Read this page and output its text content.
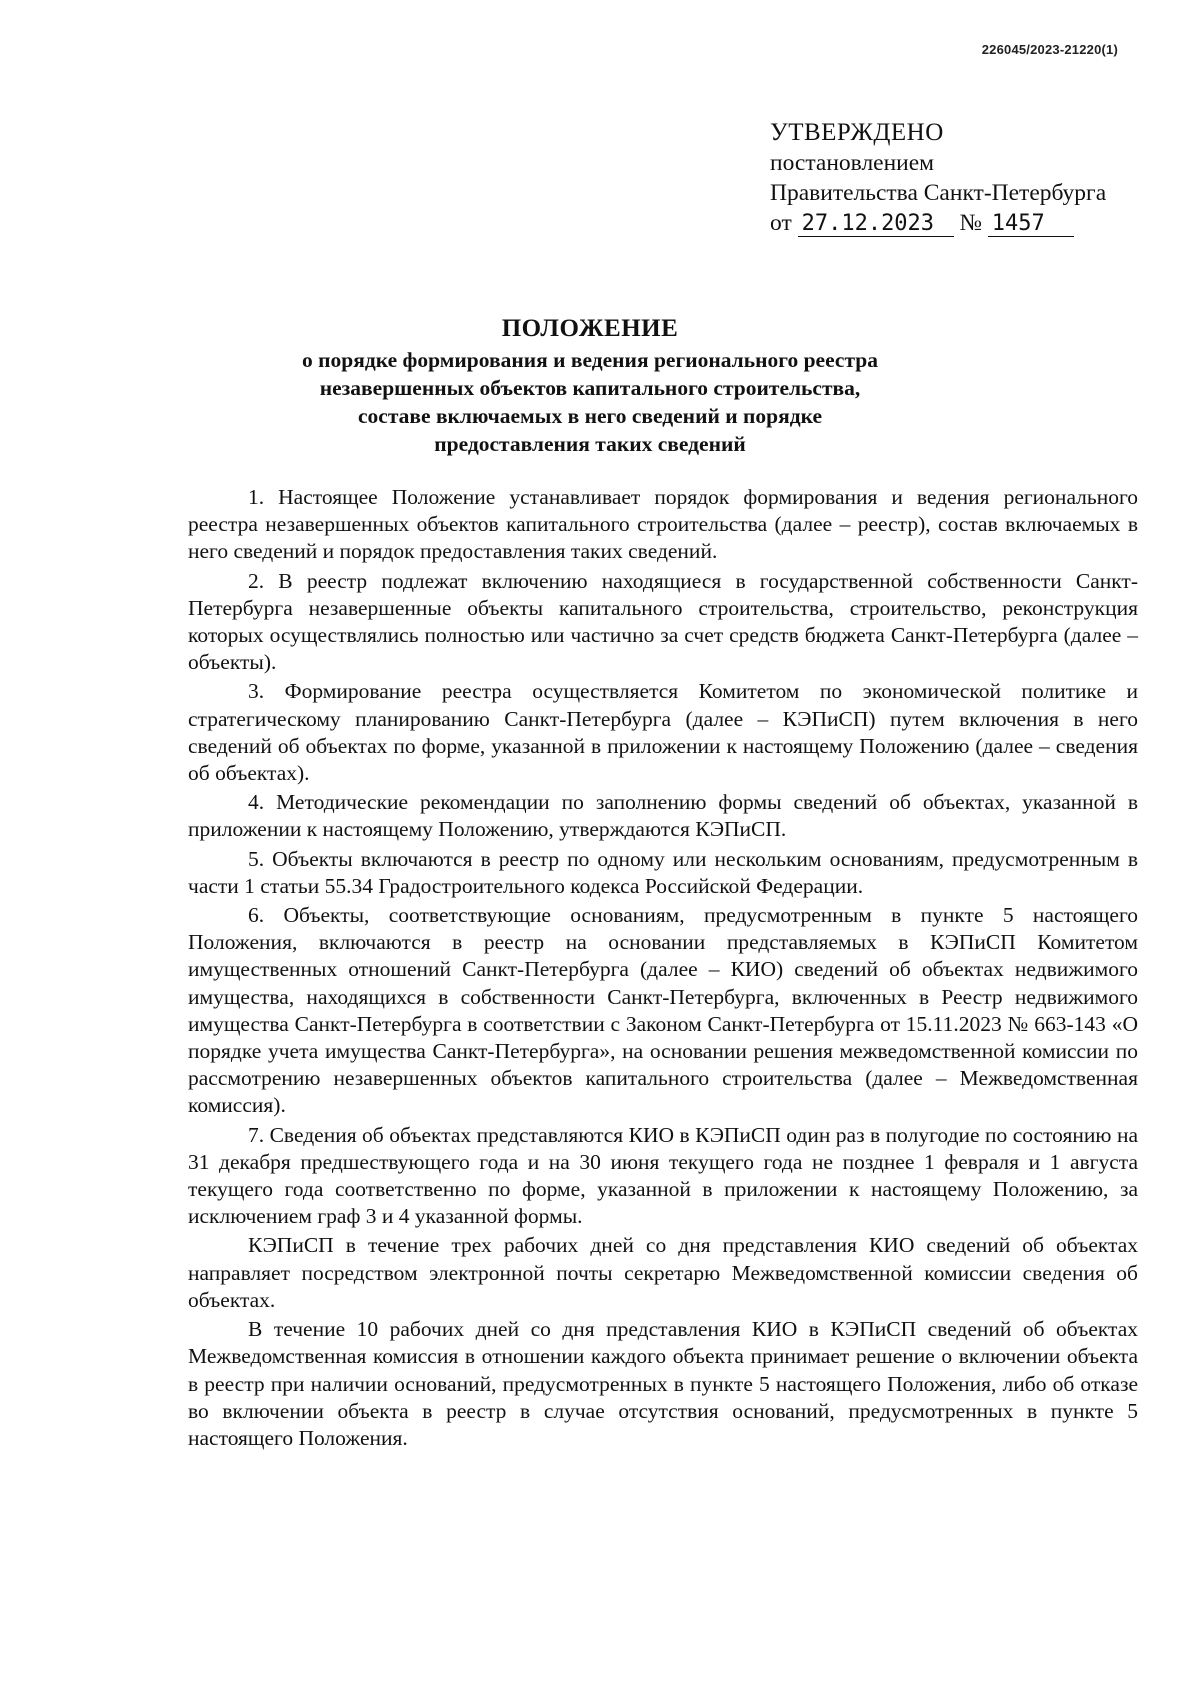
226045/2023-21220(1)
УТВЕРЖДЕНО
постановлением
Правительства Санкт-Петербурга
от 27.12.2023 № 1457
ПОЛОЖЕНИЕ
о порядке формирования и ведения регионального реестра
незавершенных объектов капитального строительства,
составе включаемых в него сведений и порядке
предоставления таких сведений

1. Настоящее Положение устанавливает порядок формирования и ведения регионального реестра незавершенных объектов капитального строительства (далее – реестр), состав включаемых в него сведений и порядок предоставления таких сведений.

2. В реестр подлежат включению находящиеся в государственной собственности Санкт-Петербурга незавершенные объекты капитального строительства, строительство, реконструкция которых осуществлялись полностью или частично за счет средств бюджета Санкт-Петербурга (далее – объекты).

3. Формирование реестра осуществляется Комитетом по экономической политике и стратегическому планированию Санкт-Петербурга (далее – КЭПиСП) путем включения в него сведений об объектах по форме, указанной в приложении к настоящему Положению (далее – сведения об объектах).

4. Методические рекомендации по заполнению формы сведений об объектах, указанной в приложении к настоящему Положению, утверждаются КЭПиСП.

5. Объекты включаются в реестр по одному или нескольким основаниям, предусмотренным в части 1 статьи 55.34 Градостроительного кодекса Российской Федерации.

6. Объекты, соответствующие основаниям, предусмотренным в пункте 5 настоящего Положения, включаются в реестр на основании представляемых в КЭПиСП Комитетом имущественных отношений Санкт-Петербурга (далее – КИО) сведений об объектах недвижимого имущества, находящихся в собственности Санкт-Петербурга, включенных в Реестр недвижимого имущества Санкт-Петербурга в соответствии с Законом Санкт-Петербурга от 15.11.2023 № 663-143 «О порядке учета имущества Санкт-Петербурга», на основании решения межведомственной комиссии по рассмотрению незавершенных объектов капитального строительства (далее – Межведомственная комиссия).

7. Сведения об объектах представляются КИО в КЭПиСП один раз в полугодие по состоянию на 31 декабря предшествующего года и на 30 июня текущего года не позднее 1 февраля и 1 августа текущего года соответственно по форме, указанной в приложении к настоящему Положению, за исключением граф 3 и 4 указанной формы.

КЭПиСП в течение трех рабочих дней со дня представления КИО сведений об объектах направляет посредством электронной почты секретарю Межведомственной комиссии сведения об объектах.

В течение 10 рабочих дней со дня представления КИО в КЭПиСП сведений об объектах Межведомственная комиссия в отношении каждого объекта принимает решение о включении объекта в реестр при наличии оснований, предусмотренных в пункте 5 настоящего Положения, либо об отказе во включении объекта в реестр в случае отсутствия оснований, предусмотренных в пункте 5 настоящего Положения.
